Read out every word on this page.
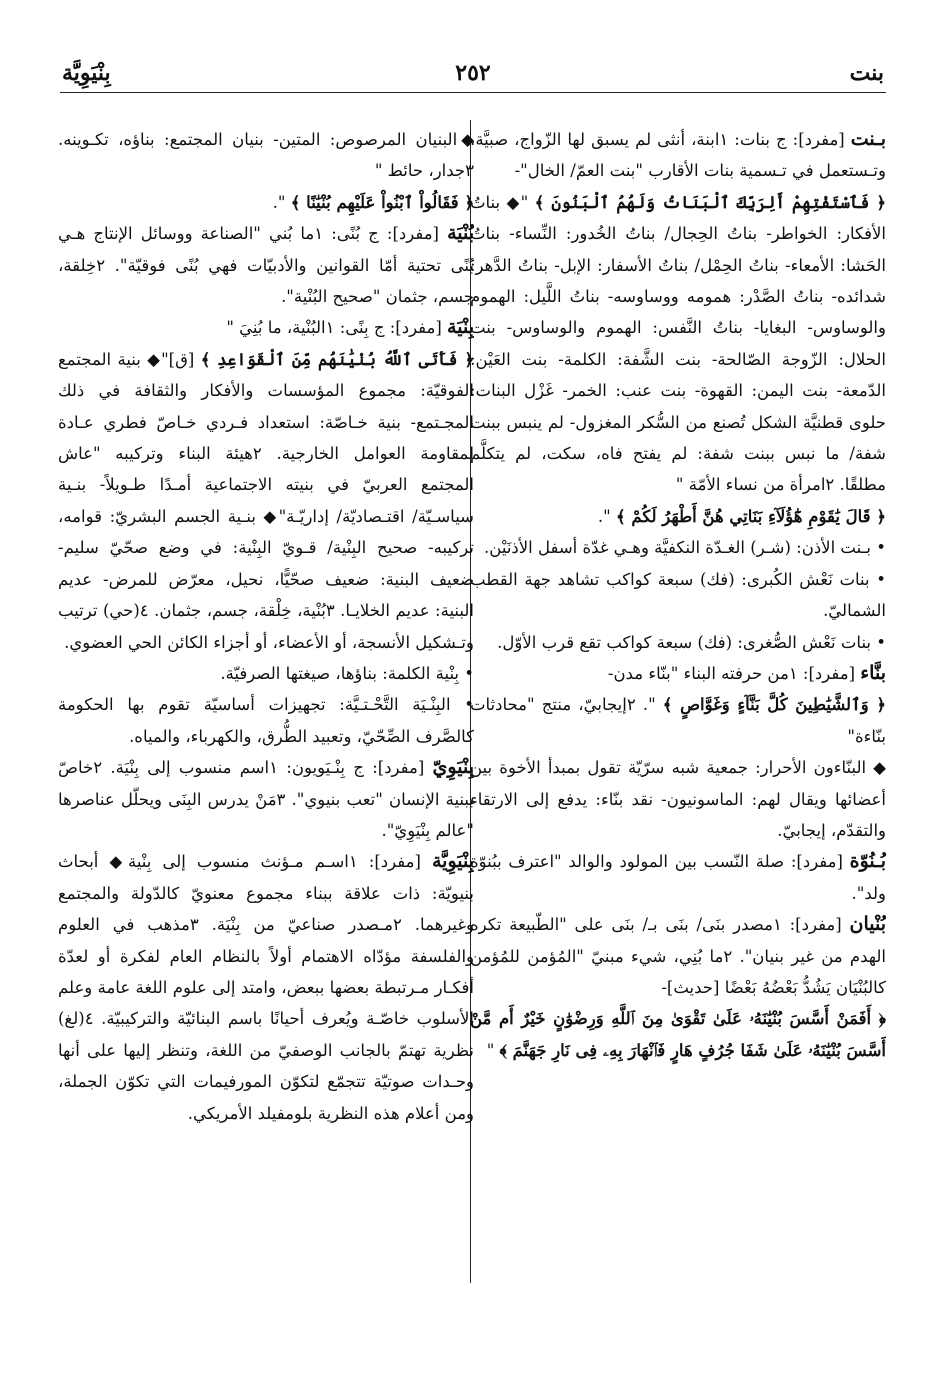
بنت
٢٥٢
بِنْيَوِيَّة

بـنت [مفرد]: ج بنات: ١ابنة، أنثى لم يسبق لها الزّواج، صبيَّة، وتـستعمل في تـسمية بنات الأقارب "بنت العمّ/ الخال"-

﴿ فَٱسْتَفْتِهِمْ أَلِرَبِّكَ ٱلْبَنَاتُ وَلَهُمُ ٱلْبَنُونَ ﴾ "◆ بناتُ الأفكار: الخواطر- بناتُ الحِجال/ بناتُ الخُدور: النِّساء- بناتُ الحَشا: الأمعاء- بناتُ الحِمْل/ بناتُ الأسفار: الإبل- بناتُ الدَّهر: شدائده- بناتُ الصَّدْر: همومه ووساوسه- بناتُ اللَّيل: الهموم والوساوس- البغايا- بناتُ النَّفس: الهموم والوساوس- بنت الحلال: الزّوجة الصّالحة- بنت الشَّفة: الكلمة- بنت العَيْن: الدّمعة- بنت اليمن: القهوة- بنت عنب: الخمر- غَزْل البنات: حلوى قطنيَّة الشكل تُصنع من السُّكر المغزول- لم ينبس ببنت شفة/ ما نبس ببنت شفة: لم يفتح فاه، سكت، لم يتكلَّم مطلقًا. ٢امرأة من نساء الأمّة "

﴿ قَالَ يَٰقَوْمِ هَٰٓؤُلَآءِ بَنَاتِي هُنَّ أَطْهَرُ لَكُمْ ﴾ ".

• بـنت الأذن: (شـر) الغـدّة النكفيَّة وهـي غدّة أسفل الأذنَيْن.

• بنات نَعْش الكُبرى: (فك) سبعة كواكب تشاهد جهة القطب الشماليّ.

• بنات نَعْش الصُّغرى: (فك) سبعة كواكب تقع قرب الأوّل.

بنَّاء [مفرد]: ١من حرفته البناء "بنّاء مدن-

﴿ وَٱلشَّيَٰطِينَ كُلَّ بَنَّآءٍ وَغَوَّاصٍ ﴾ ". ٢إيجابيّ، منتج "محادثات بنّاءة"

◆ البنّاءون الأحرار: جمعية شبه سرّيّة تقول بمبدأ الأخوة بين أعضائها ويقال لهم: الماسونيون- نقد بنّاء: يدفع إلى الارتقاء والتقدّم، إيجابيّ.

بُـنُوّة [مفرد]: صلة النّسب بين المولود والوالد "اعترف ببُنوّة ولد".

بُنْيان [مفرد]: ١مصدر بنَى/ بنَى بـ/ بنَى على "الطّبيعة تكره الهدم من غير بنيان". ٢ما بُنِي، شيء مبنيّ "المُؤمن للمُؤمن كالبُنْيَان يَشُدُّ بَعْضُهُ بَعْضًا [حديث]-

﴿ أَفَمَنْ أَسَّسَ بُنْيَٰنَهُۥ عَلَىٰ تَقْوَىٰ مِنَ ٱللَّهِ وَرِضْوَٰنٍ خَيْرٌ أَم مَّنْ أَسَّسَ بُنْيَٰنَهُۥ عَلَىٰ شَفَا جُرُفٍ هَارٍ فَٱنْهَارَ بِهِۦ فِى نَارِ جَهَنَّمَ ﴾ "

◆البنيان المرصوص: المتين- بنيان المجتمع: بناؤه، تكـوينه. ٣جدار، حائط "

﴿ فَقَالُواْ ٱبْنُواْ عَلَيْهِم بُنْيَٰنًا ﴾ ".

بُنْيَة [مفرد]: ج بُنًى: ١ما بُني "الصناعة ووسائل الإنتاج هـي بُنًى تحتية أمّا القوانين والأدبيّات فهي بُنًى فوقيّة". ٢خِلقة، جسم، جثمان "صحيح البُنْية".

بِنْيَة [مفرد]: ج بِنًى: ١البُنْية، ما بُنِيَ "

﴿ فَأَتَى ٱللَّهُ بُنْيَٰنَهُم مِّنَ ٱلْقَوَاعِدِ ﴾ [ق]"◆ بنية المجتمع الفوقيّة: مجموع المؤسسات والأفكار والثقافة في ذلك المجـتمع- بنية خـاصّة: استعداد فـردي خـاصّ فطري عـادة لمقاومة العوامل الخارجية. ٢هيئة البناء وتركيبه "عاش المجتمع العربيّ في بنيته الاجتماعية أمـدًا طـويلاً- بنـية سياسـيّة/ اقتـصاديّة/ إداريّـة"◆ بنـية الجسم البشريّ: قوامه، تركيبه- صحيح البِنْية/ قـويّ البِنْية: في وضع صحّيّ سليم- ضعيف البنية: ضعيف صحّيًّا، نحيل، معرّض للمرض- عديم البنية: عديم الخلايـا. ٣بُنْية، خِلْقة، جسم، جثمان. ٤(حي) ترتيب وتـشكيل الأنسجة، أو الأعضاء، أو أجزاء الكائن الحي العضوي.

• بِنْية الكلمة: بناؤها، صيغتها الصرفيّة.

• البِنْـيَة التَّحْـتـيَّة: تجهيزات أساسيّة تقوم بها الحكومة كالصَّرف الصِّحّيّ، وتعبيد الطُّرق، والكهرباء، والمياه.

بِنْيَوِيّ [مفرد]: ج بِنْـيَويون: ١اسم منسوب إلى بِنْيَة. ٢خاصّ ببنية الإنسان "تعب بنيوي". ٣مَنْ يدرس البِنَى ويحلّل عناصرها "عالم بِنْيَوِيّ".

بِنْيَوِيَّة [مفرد]: ١اسـم مـؤنث منسوب إلى بِنْية◆ أبحاث بنيويّة: ذات علاقة ببناء مجموع معنويّ كالدّولة والمجتمع وغيرهما. ٢مـصدر صناعيّ من بِنْيَة. ٣مذهب في العلوم والفلسفة مؤدّاه الاهتمام أولاً بالنظام العام لفكرة أو لعدّة أفكـار مـرتبطة بعضها ببعض، وامتد إلى علوم اللغة عامة وعلم الأسلوب خاصّـة ويُعرف أحيانًا باسم البنائيّة والتركيبيّة. ٤(لغ) نظرية تهتمّ بالجانب الوصفيّ من اللغة، وتنظر إليها على أنها وحـدات صوتيّة تتجمّع لتكوّن المورفيمات التي تكوّن الجملة، ومن أعلام هذه النظرية بلومفيلد الأمريكي.
